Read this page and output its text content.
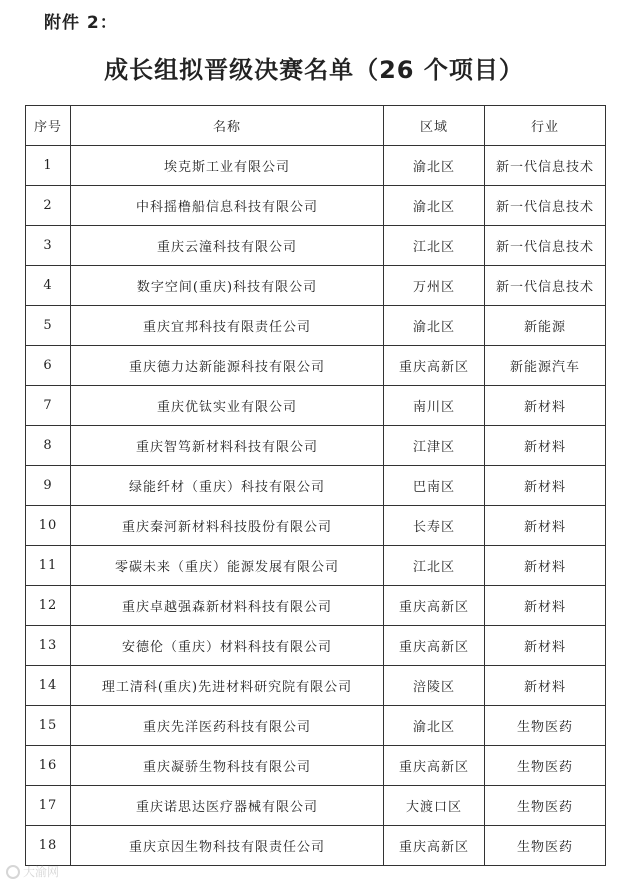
附件 2：
成长组拟晋级决赛名单（26 个项目）
序号	名称	区域	行业
1	埃克斯工业有限公司	渝北区	新一代信息技术
2	中科摇橹船信息科技有限公司	渝北区	新一代信息技术
3	重庆云潼科技有限公司	江北区	新一代信息技术
4	数字空间(重庆)科技有限公司	万州区	新一代信息技术
5	重庆宜邦科技有限责任公司	渝北区	新能源
6	重庆德力达新能源科技有限公司	重庆高新区	新能源汽车
7	重庆优钛实业有限公司	南川区	新材料
8	重庆智笃新材料科技有限公司	江津区	新材料
9	绿能纤材（重庆）科技有限公司	巴南区	新材料
10	重庆秦河新材料科技股份有限公司	长寿区	新材料
11	零碳未来（重庆）能源发展有限公司	江北区	新材料
12	重庆卓越强森新材料科技有限公司	重庆高新区	新材料
13	安德伦（重庆）材料科技有限公司	重庆高新区	新材料
14	理工清科(重庆)先进材料研究院有限公司	涪陵区	新材料
15	重庆先洋医药科技有限公司	渝北区	生物医药
16	重庆凝骄生物科技有限公司	重庆高新区	生物医药
17	重庆诺思达医疗器械有限公司	大渡口区	生物医药
18	重庆京因生物科技有限责任公司	重庆高新区	生物医药
大渝网
